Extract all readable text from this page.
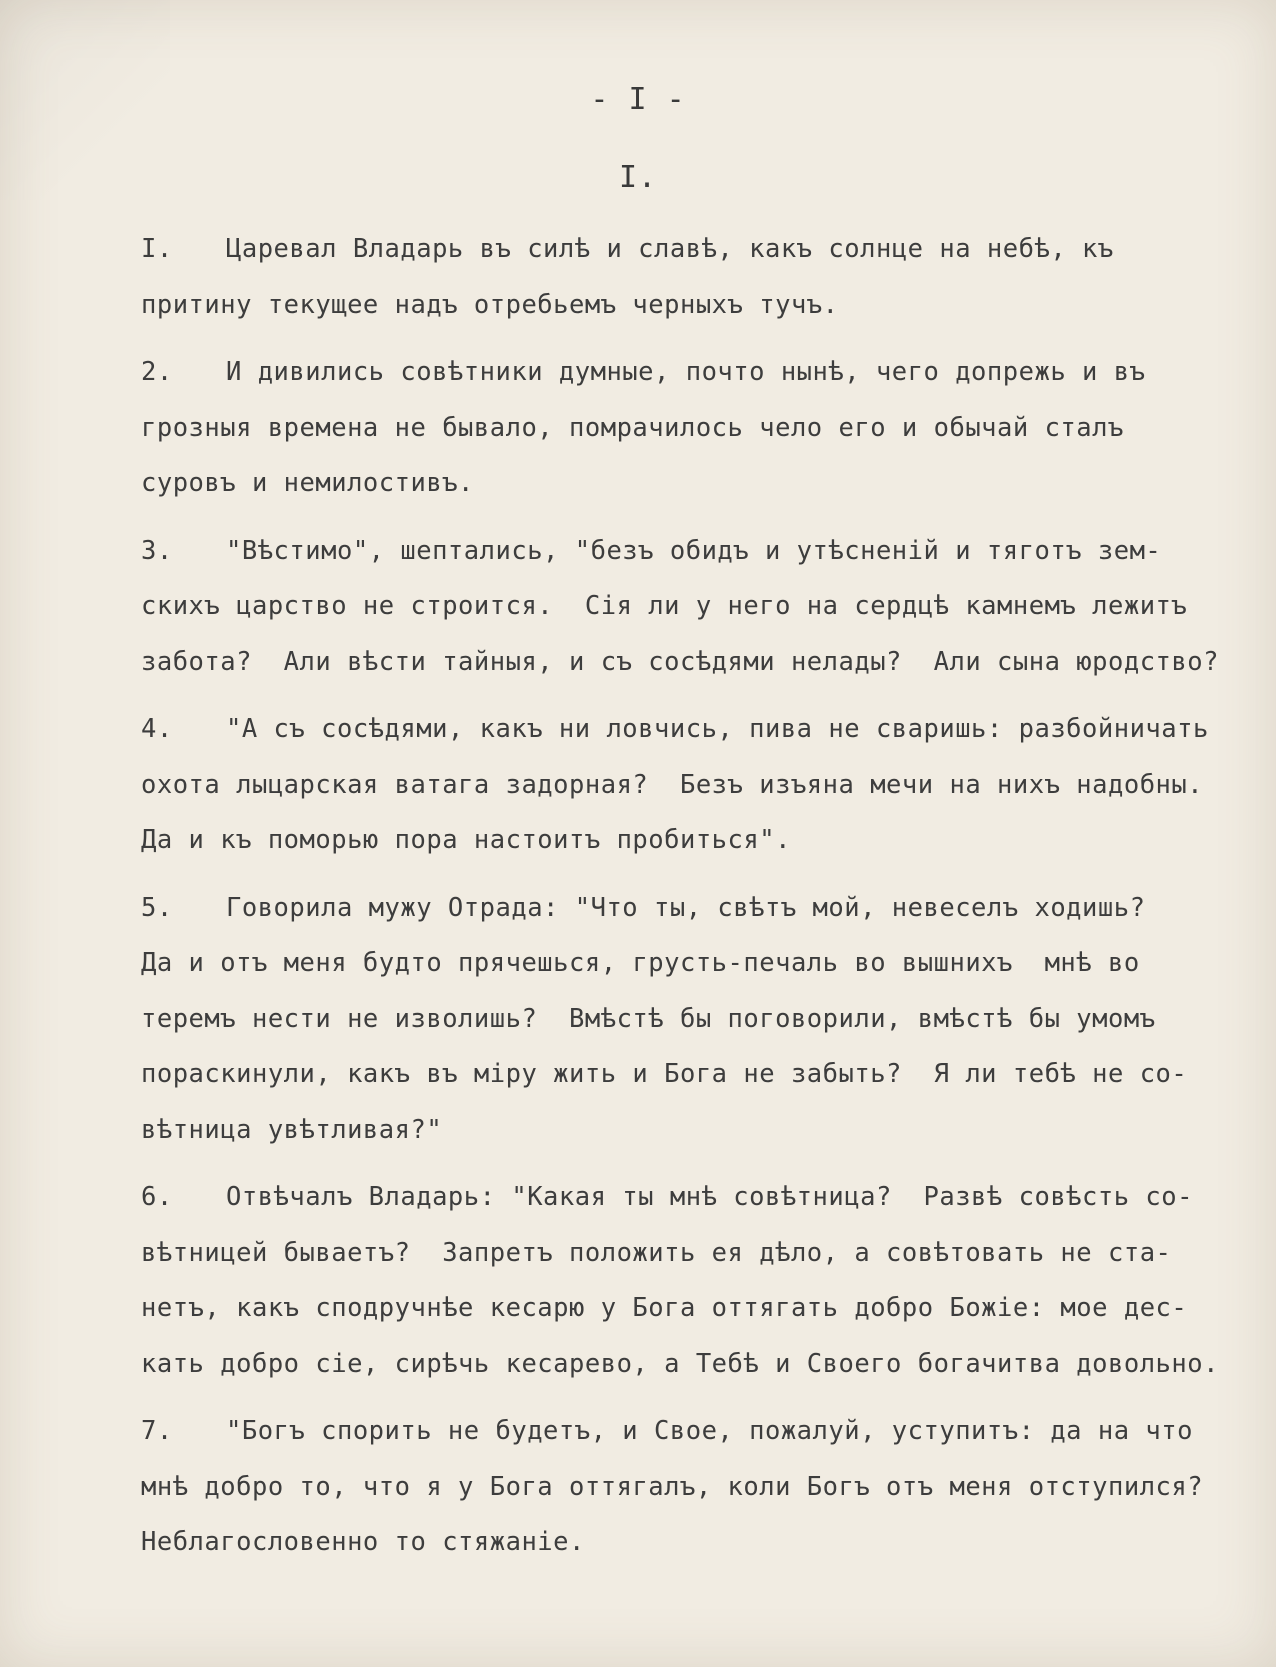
- I -
I.
I. Царевал Владарь въ силѣ и славѣ, какъ солнце на небѣ, къ
притину текущее надъ отребьемъ черныхъ тучъ.
2. И дивились совѣтники думные, почто нынѣ, чего допрежь и въ
грозныя времена не бывало, помрачилось чело его и обычай сталъ
суровъ и немилостивъ.
3. "Вѣстимо", шептались, "безъ обидъ и утѣсненій и тяготъ зем-
скихъ царство не строится.  Сія ли у него на сердцѣ камнемъ лежитъ
забота?  Али вѣсти тайныя, и съ сосѣдями нелады?  Али сына юродство?
4. "А съ сосѣдями, какъ ни ловчись, пива не сваришь: разбойничать
охота лыцарская ватага задорная?  Безъ изъяна мечи на нихъ надобны.
Да и къ поморью пора настоитъ пробиться".
5. Говорила мужу Отрада: "Что ты, свѣтъ мой, невеселъ ходишь?
Да и отъ меня будто прячешься, грусть-печаль во вышнихъ  мнѣ во
теремъ нести не изволишь?  Вмѣстѣ бы поговорили, вмѣстѣ бы умомъ
пораскинули, какъ въ міру жить и Бога не забыть?  Я ли тебѣ не со-
вѣтница увѣтливая?"
6. Отвѣчалъ Владарь: "Какая ты мнѣ совѣтница?  Развѣ совѣсть со-
вѣтницей бываетъ?  Запретъ положить ея дѣло, а совѣтовать не ста-
нетъ, какъ сподручнѣе кесарю у Бога оттягать добро Божіе: мое дес-
кать добро сіе, сирѣчь кесарево, а Тебѣ и Своего богачитва довольно.
7. "Богъ спорить не будетъ, и Свое, пожалуй, уступитъ: да на что
мнѣ добро то, что я у Бога оттягалъ, коли Богъ отъ меня отступился?
Неблагословенно то стяжаніе.
